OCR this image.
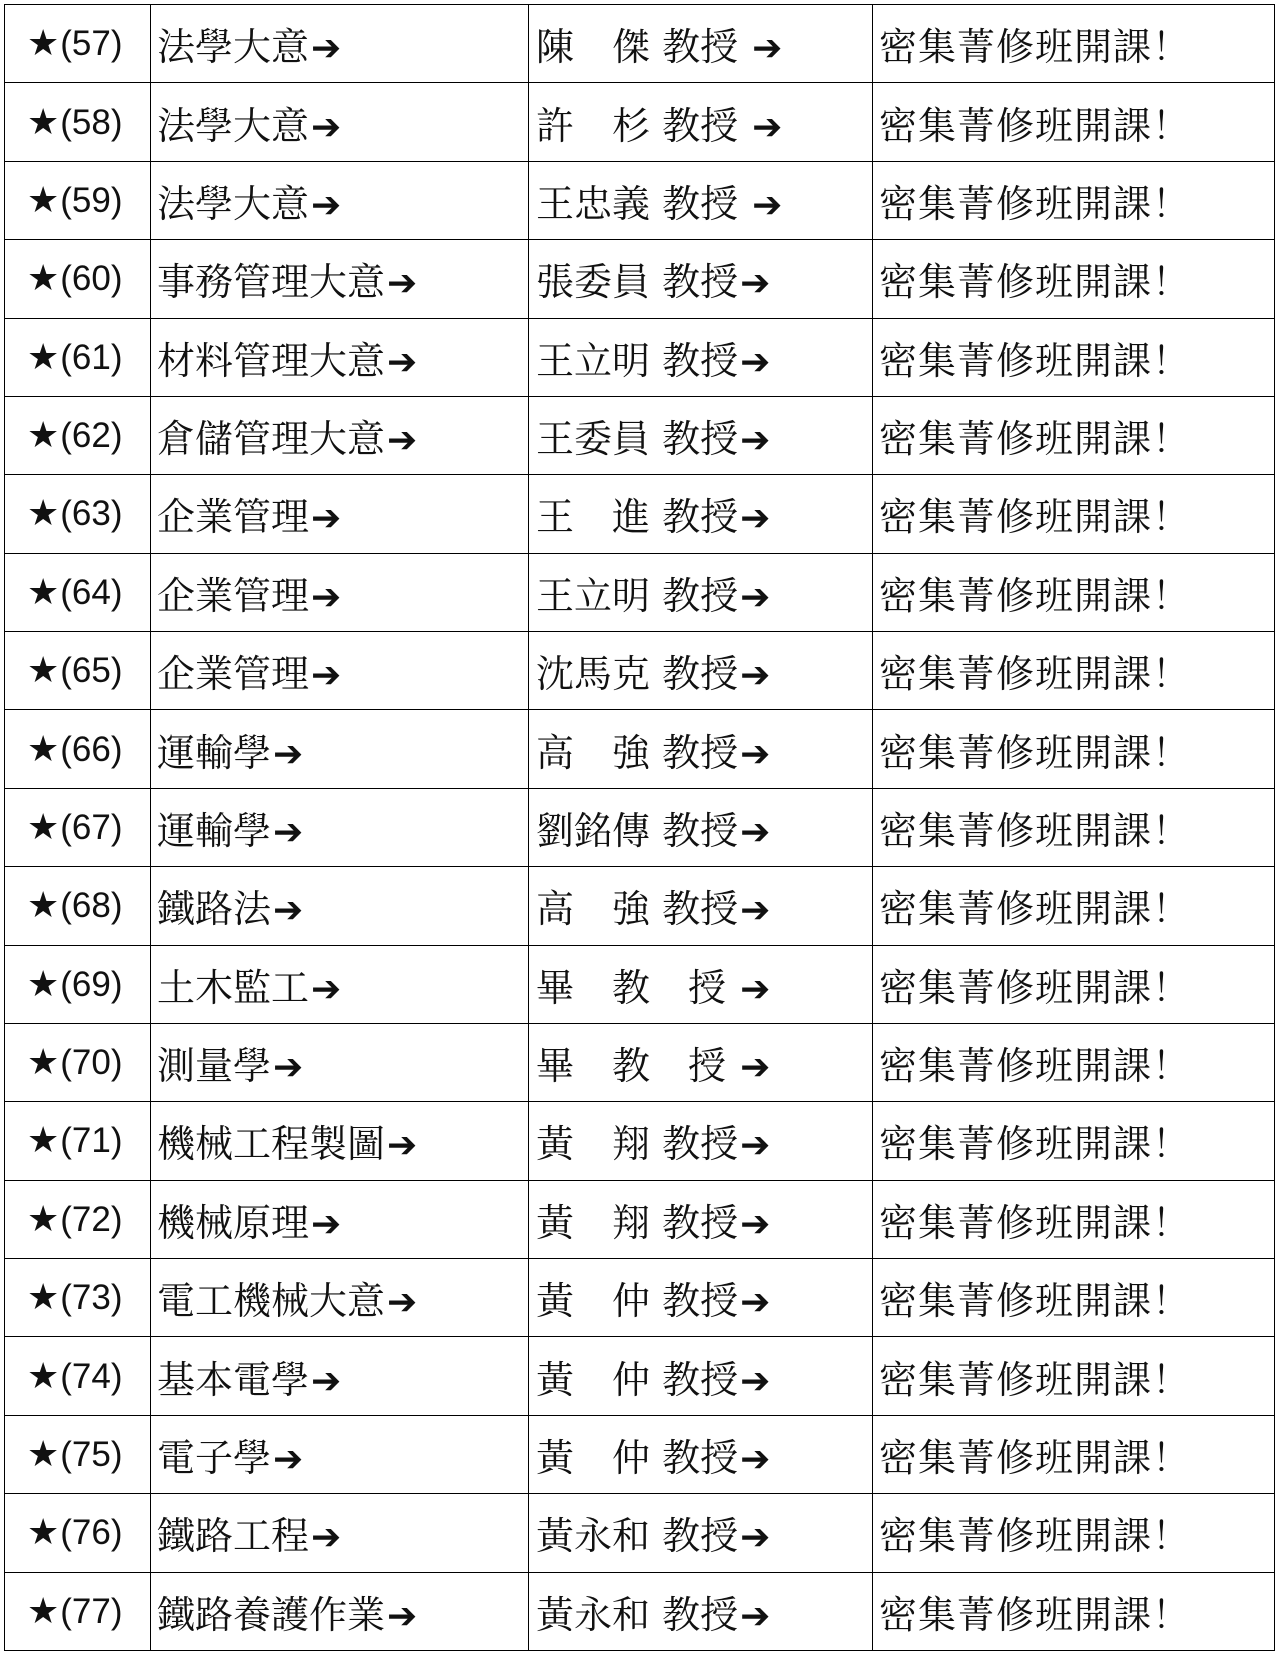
★(57)	法學大意➔	陳　傑 教授 ➔	密集菁修班開課！
★(58)	法學大意➔	許　杉 教授 ➔	密集菁修班開課！
★(59)	法學大意➔	王忠義 教授 ➔	密集菁修班開課！
★(60)	事務管理大意➔	張委員 教授➔	密集菁修班開課！
★(61)	材料管理大意➔	王立明 教授➔	密集菁修班開課！
★(62)	倉儲管理大意➔	王委員 教授➔	密集菁修班開課！
★(63)	企業管理➔	王　進 教授➔	密集菁修班開課！
★(64)	企業管理➔	王立明 教授➔	密集菁修班開課！
★(65)	企業管理➔	沈馬克 教授➔	密集菁修班開課！
★(66)	運輸學➔	高　強 教授➔	密集菁修班開課！
★(67)	運輸學➔	劉銘傳 教授➔	密集菁修班開課！
★(68)	鐵路法➔	高　強 教授➔	密集菁修班開課！
★(69)	土木監工➔	畢　教　授 ➔	密集菁修班開課！
★(70)	測量學➔	畢　教　授 ➔	密集菁修班開課！
★(71)	機械工程製圖➔	黃　翔 教授➔	密集菁修班開課！
★(72)	機械原理➔	黃　翔 教授➔	密集菁修班開課！
★(73)	電工機械大意➔	黃　仲 教授➔	密集菁修班開課！
★(74)	基本電學➔	黃　仲 教授➔	密集菁修班開課！
★(75)	電子學➔	黃　仲 教授➔	密集菁修班開課！
★(76)	鐵路工程➔	黃永和 教授➔	密集菁修班開課！
★(77)	鐵路養護作業➔	黃永和 教授➔	密集菁修班開課！
